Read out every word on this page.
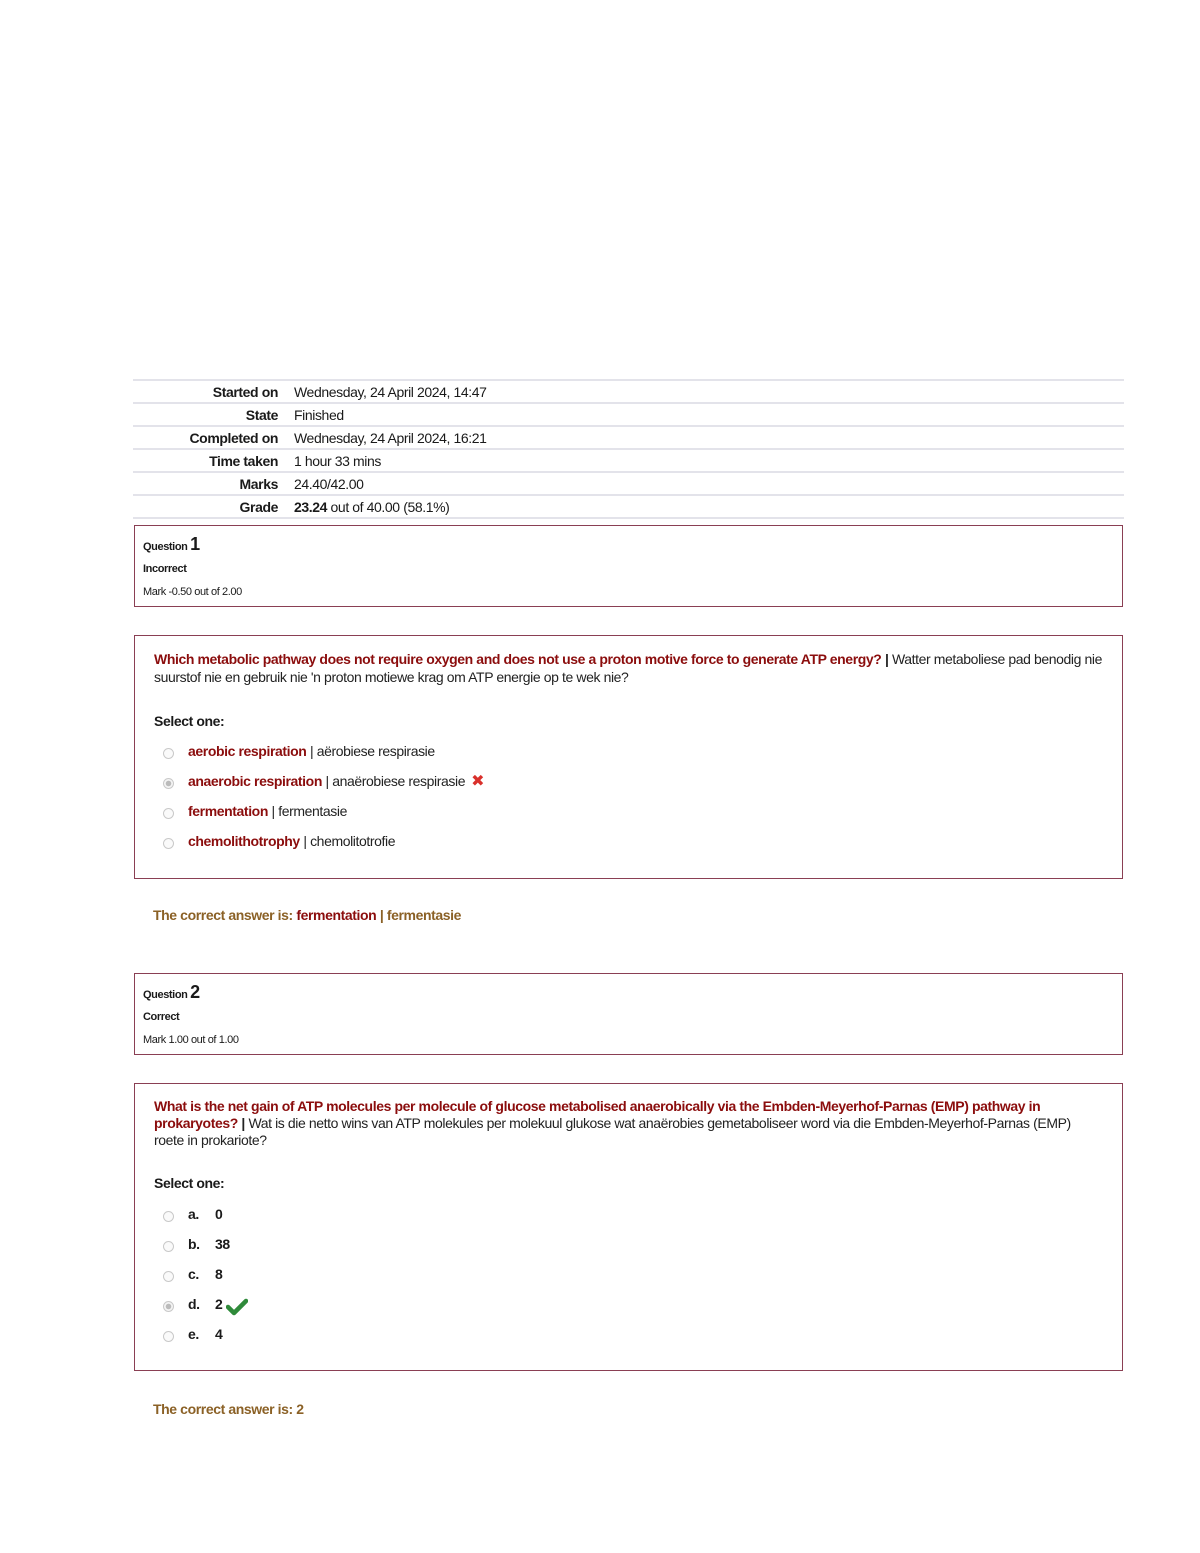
Started on	Wednesday, 24 April 2024, 14:47
State	Finished
Completed on	Wednesday, 24 April 2024, 16:21
Time taken	1 hour 33 mins
Marks	24.40/42.00
Grade	23.24 out of 40.00 (58.1%)
Question 1
Incorrect
Mark -0.50 out of 2.00
Which metabolic pathway does not require oxygen and does not use a proton motive force to generate ATP energy? | Watter metaboliese pad benodig nie suurstof nie en gebruik nie 'n proton motiewe krag om ATP energie op te wek nie?
Select one:
aerobic respiration
|
aërobiese respirasie
anaerobic respiration
|
anaërobiese respirasie ✖
fermentation
|
fermentasie
chemolithotrophy
|
chemolitotrofie
The correct answer is: fermentation | fermentasie
Question 2
Correct
Mark 1.00 out of 1.00
What is the net gain of ATP molecules per molecule of glucose metabolised anaerobically via the Embden-Meyerhof-Parnas (EMP) pathway in prokaryotes? | Wat is die netto wins van ATP molekules per molekuul glukose wat anaërobies gemetaboliseer word via die Embden-Meyerhof-Parnas (EMP) roete in prokariote?
Select one:
a.	0
b.	38
c.	8
d.	2
e.	4
The correct answer is: 2
